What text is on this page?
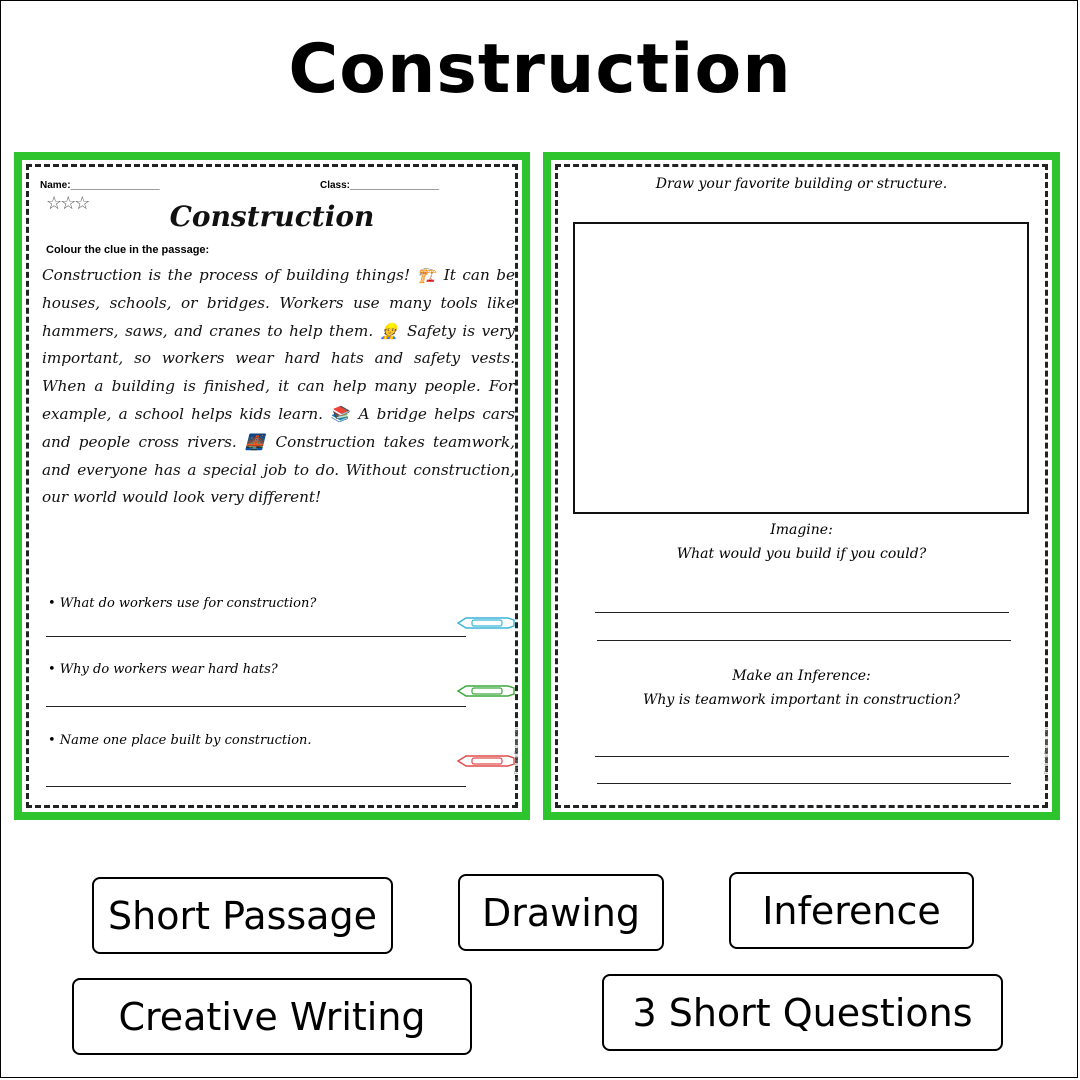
Construction
Name:________________	Class:________________
☆☆☆	Construction
Colour the clue in the passage:
Construction is the process of building things! 🏗️ It can be houses, schools, or bridges. Workers use many tools like hammers, saws, and cranes to help them. 👷 Safety is very important, so workers wear hard hats and safety vests. When a building is finished, it can help many people. For example, a school helps kids learn. 📚 A bridge helps cars and people cross rivers. 🌉 Construction takes teamwork, and everyone has a special job to do. Without construction, our world would look very different!
• What do workers use for construction?
• Why do workers wear hard hats?
• Name one place built by construction.	© PrintableBazaar.com
Draw your favorite building or structure.
Imagine:
What would you build if you could?
Make an Inference:
Why is teamwork important in construction?
© PrintableBazaar.com
Short Passage	Drawing	Inference
Creative Writing	3 Short Questions
